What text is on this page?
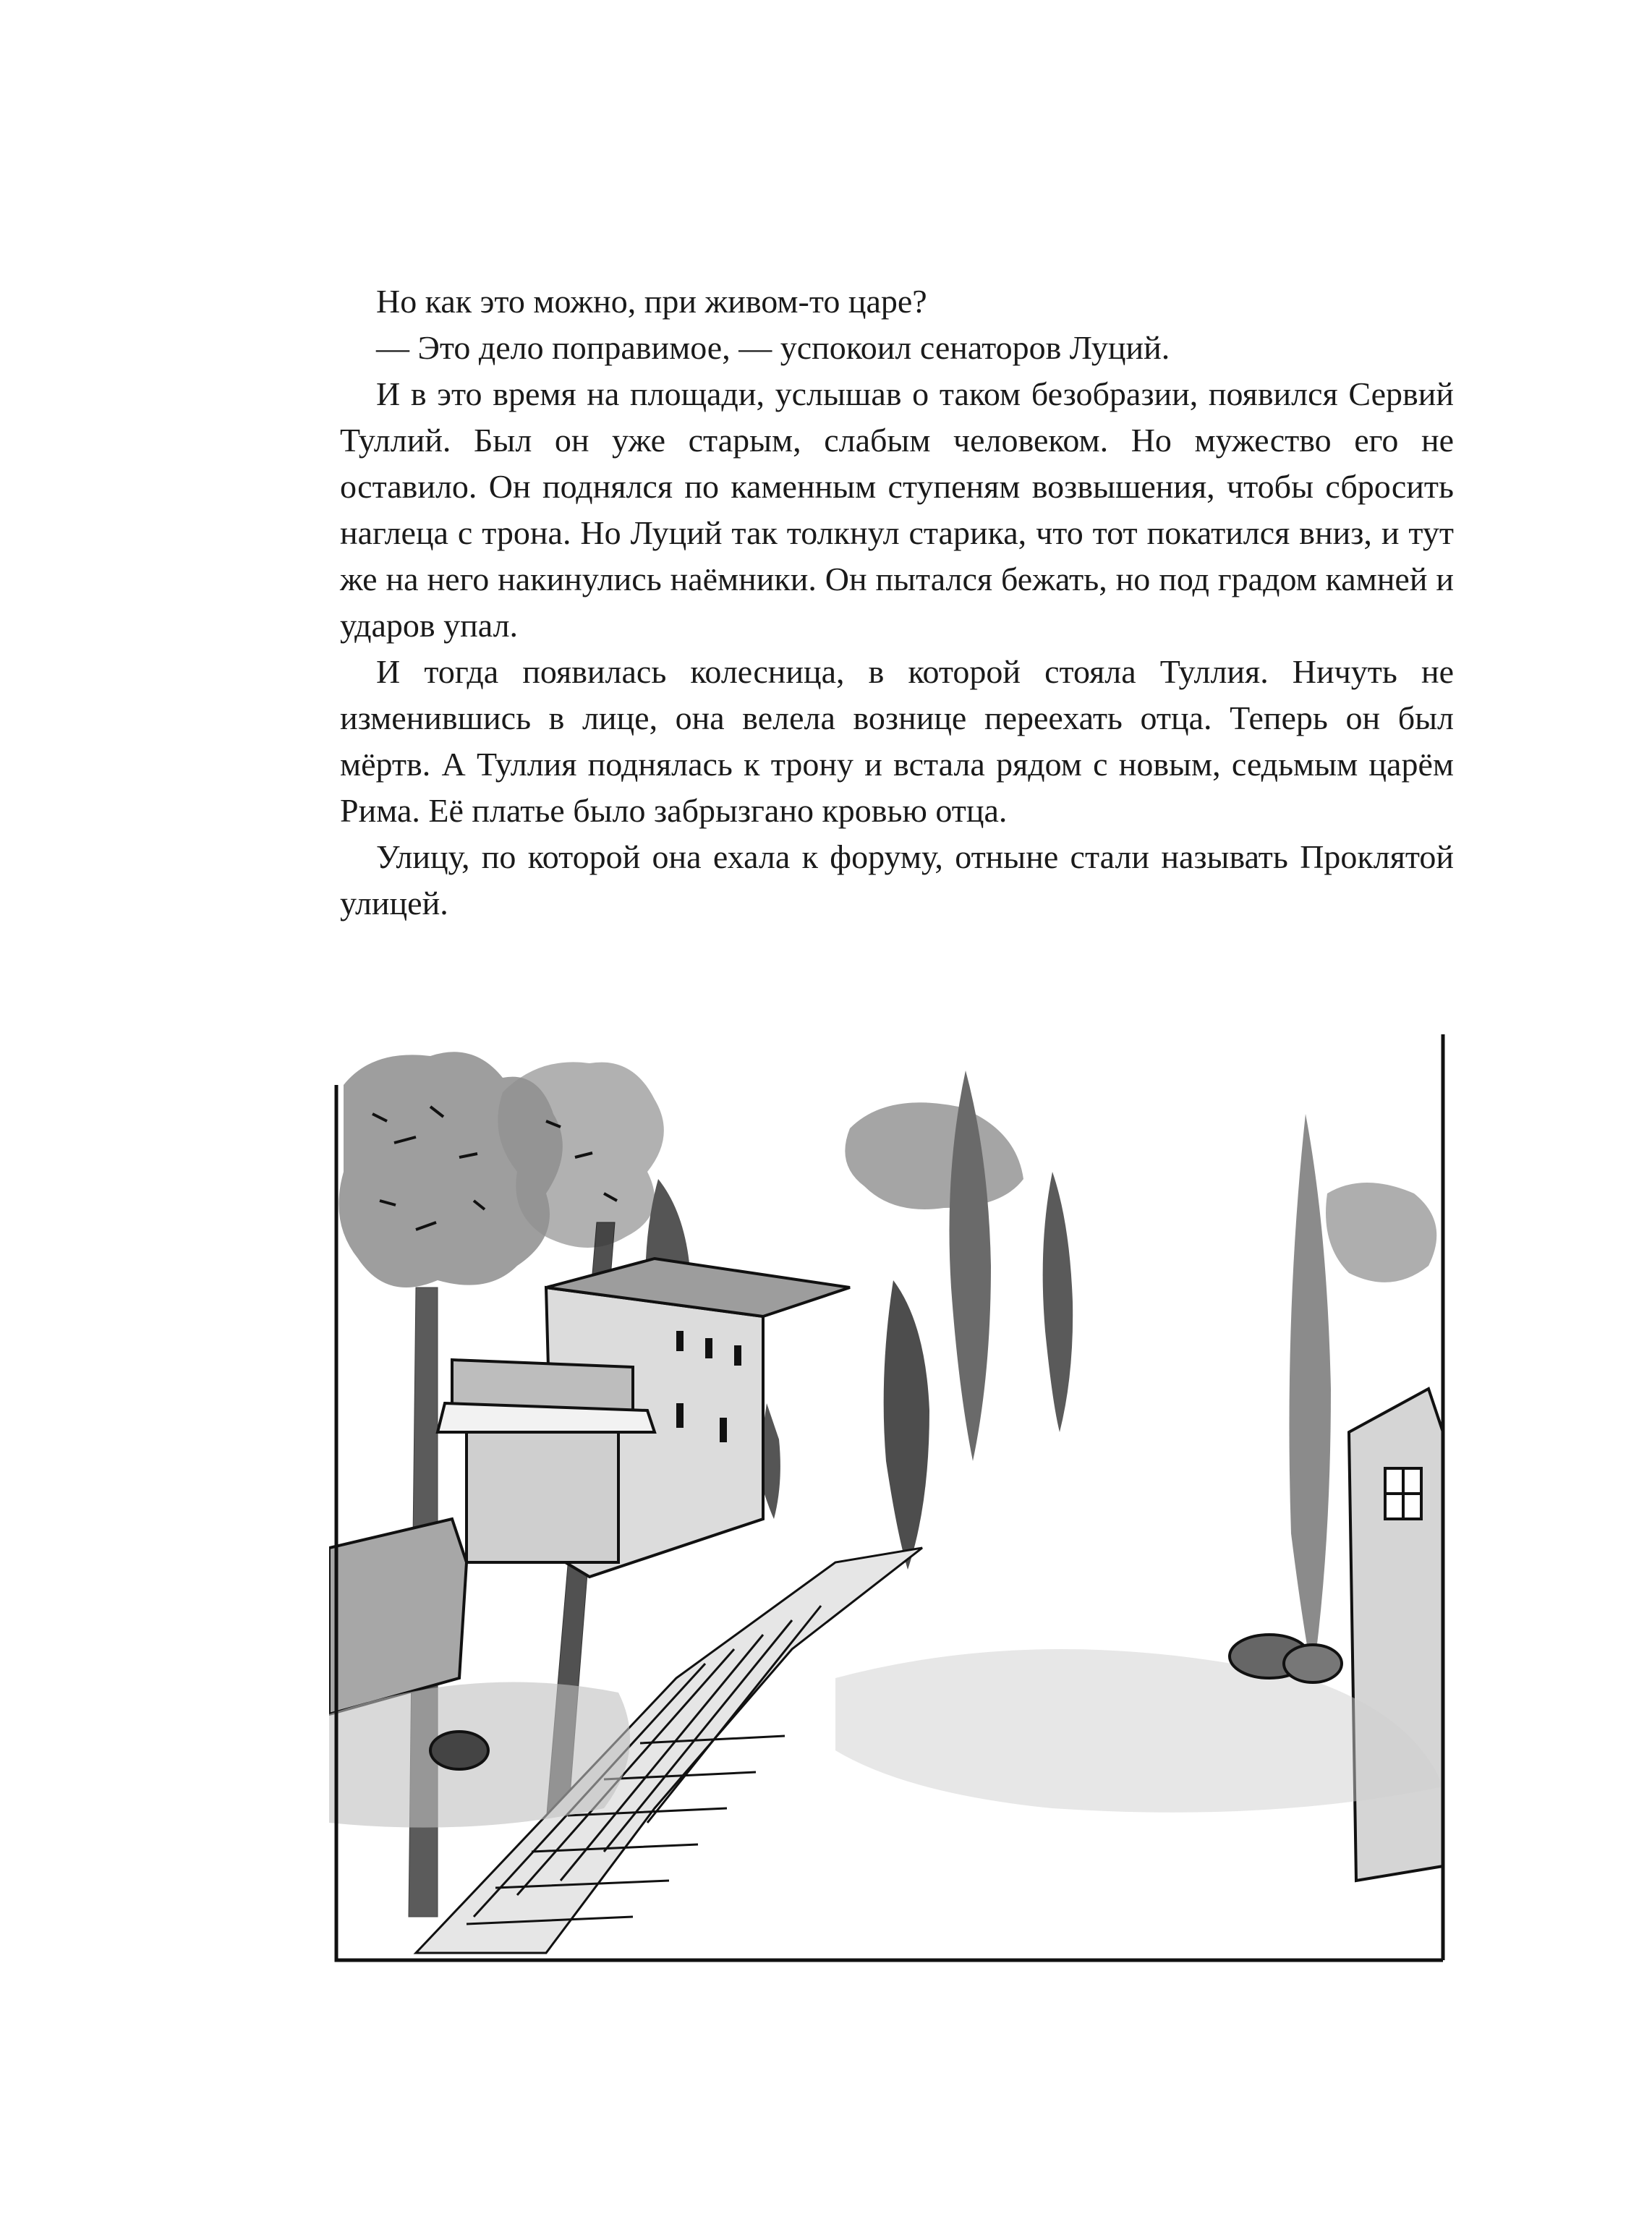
Но как это можно, при живом-то царе?

— Это дело поправимое, — успокоил сенаторов Луций.

И в это время на площади, услышав о таком безобразии, появился Сервий Туллий. Был он уже старым, слабым человеком. Но мужество его не оставило. Он поднялся по каменным ступеням возвышения, чтобы сбросить наглеца с трона. Но Луций так толкнул старика, что тот покатился вниз, и тут же на него накинулись наёмники. Он пытался бежать, но под градом камней и ударов упал.

И тогда появилась колесница, в которой стояла Туллия. Ничуть не изменившись в лице, она велела вознице переехать отца. Теперь он был мёртв. А Туллия поднялась к трону и встала рядом с новым, седьмым царём Рима. Её платье было забрызгано кровью отца.

Улицу, по которой она ехала к форуму, отныне стали называть Проклятой улицей.
